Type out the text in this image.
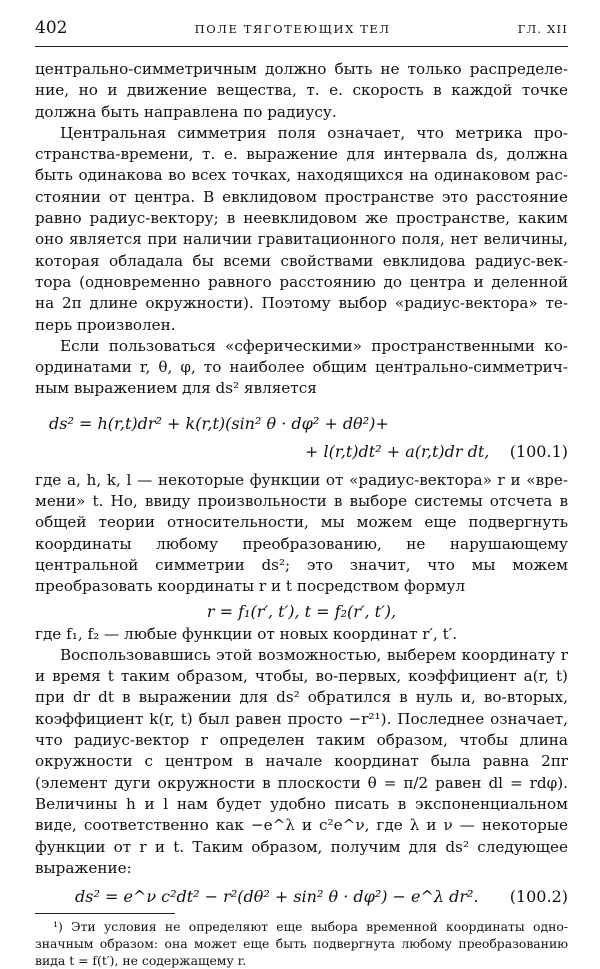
402	ПОЛЕ ТЯГОТЕЮЩИХ ТЕЛ	ГЛ. XII

центрально-симметричным должно быть не только распределение, но и движение вещества, т. е. скорость в каждой точке должна быть направлена по радиусу.

Центральная симметрия поля означает, что метрика пространства-времени, т. е. выражение для интервала ds, должна быть одинакова во всех точках, находящихся на одинаковом расстоянии от центра. В евклидовом пространстве это расстояние равно радиус-вектору; в неевклидовом же пространстве, каким оно является при наличии гравитационного поля, нет величины, которая обладала бы всеми свойствами евклидова радиус-вектора (одновременно равного расстоянию до центра и деленной на 2π длине окружности). Поэтому выбор «радиус-вектора» теперь произволен.

Если пользоваться «сферическими» пространственными координатами r, θ, φ, то наиболее общим центрально-симметричным выражением для ds² является

ds² = h(r,t)dr² + k(r,t)(sin² θ · dφ² + dθ²)+
+ l(r,t)dt² + a(r,t)dr dt, (100.1)

где a, h, k, l — некоторые функции от «радиус-вектора» r и «времени» t. Но, ввиду произвольности в выборе системы отсчета в общей теории относительности, мы можем еще подвергнуть координаты любому преобразованию, не нарушающему центральной симметрии ds²; это значит, что мы можем преобразовать координаты r и t посредством формул

r = f₁(r′, t′), t = f₂(r′, t′),

где f₁, f₂ — любые функции от новых координат r′, t′.

Воспользовавшись этой возможностью, выберем координату r и время t таким образом, чтобы, во-первых, коэффициент a(r, t) при dr dt в выражении для ds² обратился в нуль и, во-вторых, коэффициент k(r, t) был равен просто −r²¹). Последнее означает, что радиус-вектор r определен таким образом, чтобы длина окружности с центром в начале координат была равна 2πr (элемент дуги окружности в плоскости θ = π/2 равен dl = rdφ). Величины h и l нам будет удобно писать в экспоненциальном виде, соответственно как −e^λ и c²e^ν, где λ и ν — некоторые функции от r и t. Таким образом, получим для ds² следующее выражение:

ds² = e^ν c²dt² − r²(dθ² + sin² θ · dφ²) − e^λ dr². (100.2)

¹) Эти условия не определяют еще выбора временной координаты однозначным образом: она может еще быть подвергнута любому преобразованию вида t = f(t′), не содержащему r.
